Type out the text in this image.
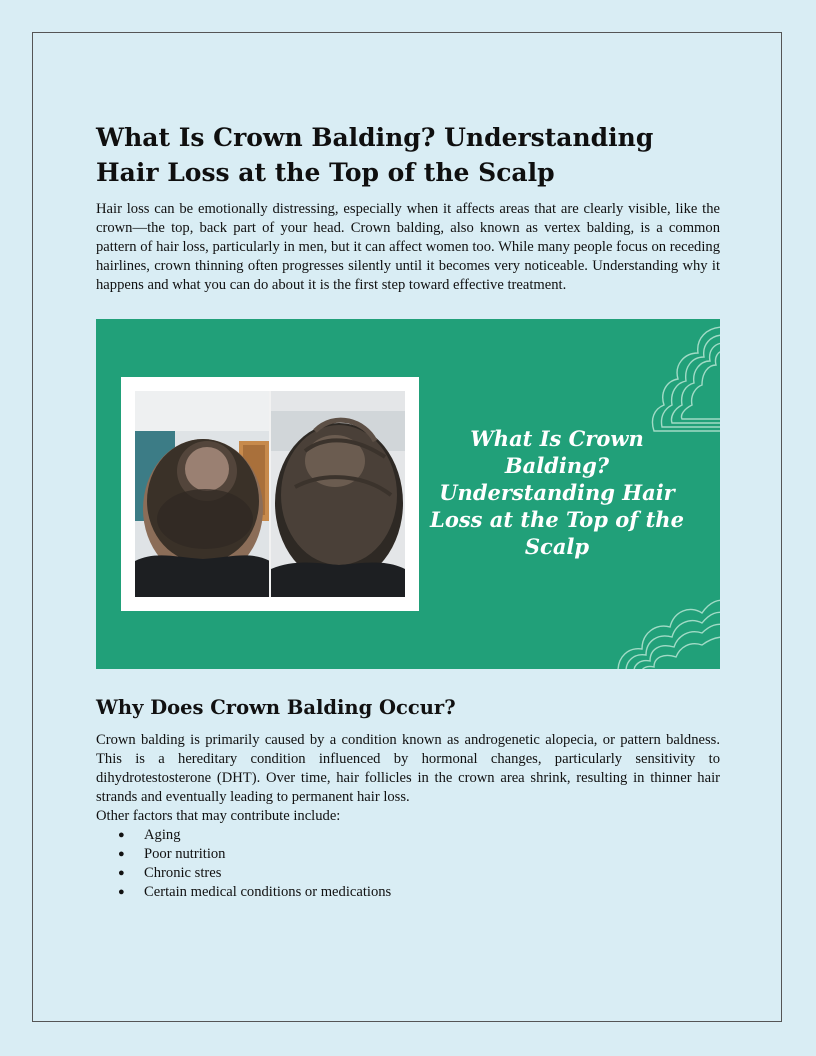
What Is Crown Balding? Understanding Hair Loss at the Top of the Scalp

Hair loss can be emotionally distressing, especially when it affects areas that are clearly visible, like the crown—the top, back part of your head. Crown balding, also known as vertex balding, is a common pattern of hair loss, particularly in men, but it can affect women too. While many people focus on receding hairlines, crown thinning often progresses silently until it becomes very noticeable. Understanding why it happens and what you can do about it is the first step toward effective treatment.

What Is Crown Balding? Understanding Hair Loss at the Top of the Scalp
Why Does Crown Balding Occur?

Crown balding is primarily caused by a condition known as androgenetic alopecia, or pattern baldness. This is a hereditary condition influenced by hormonal changes, particularly sensitivity to dihydrotestosterone (DHT). Over time, hair follicles in the crown area shrink, resulting in thinner hair strands and eventually leading to permanent hair loss.

Other factors that may contribute include:

● Aging
● Poor nutrition
● Chronic stres
● Certain medical conditions or medications
